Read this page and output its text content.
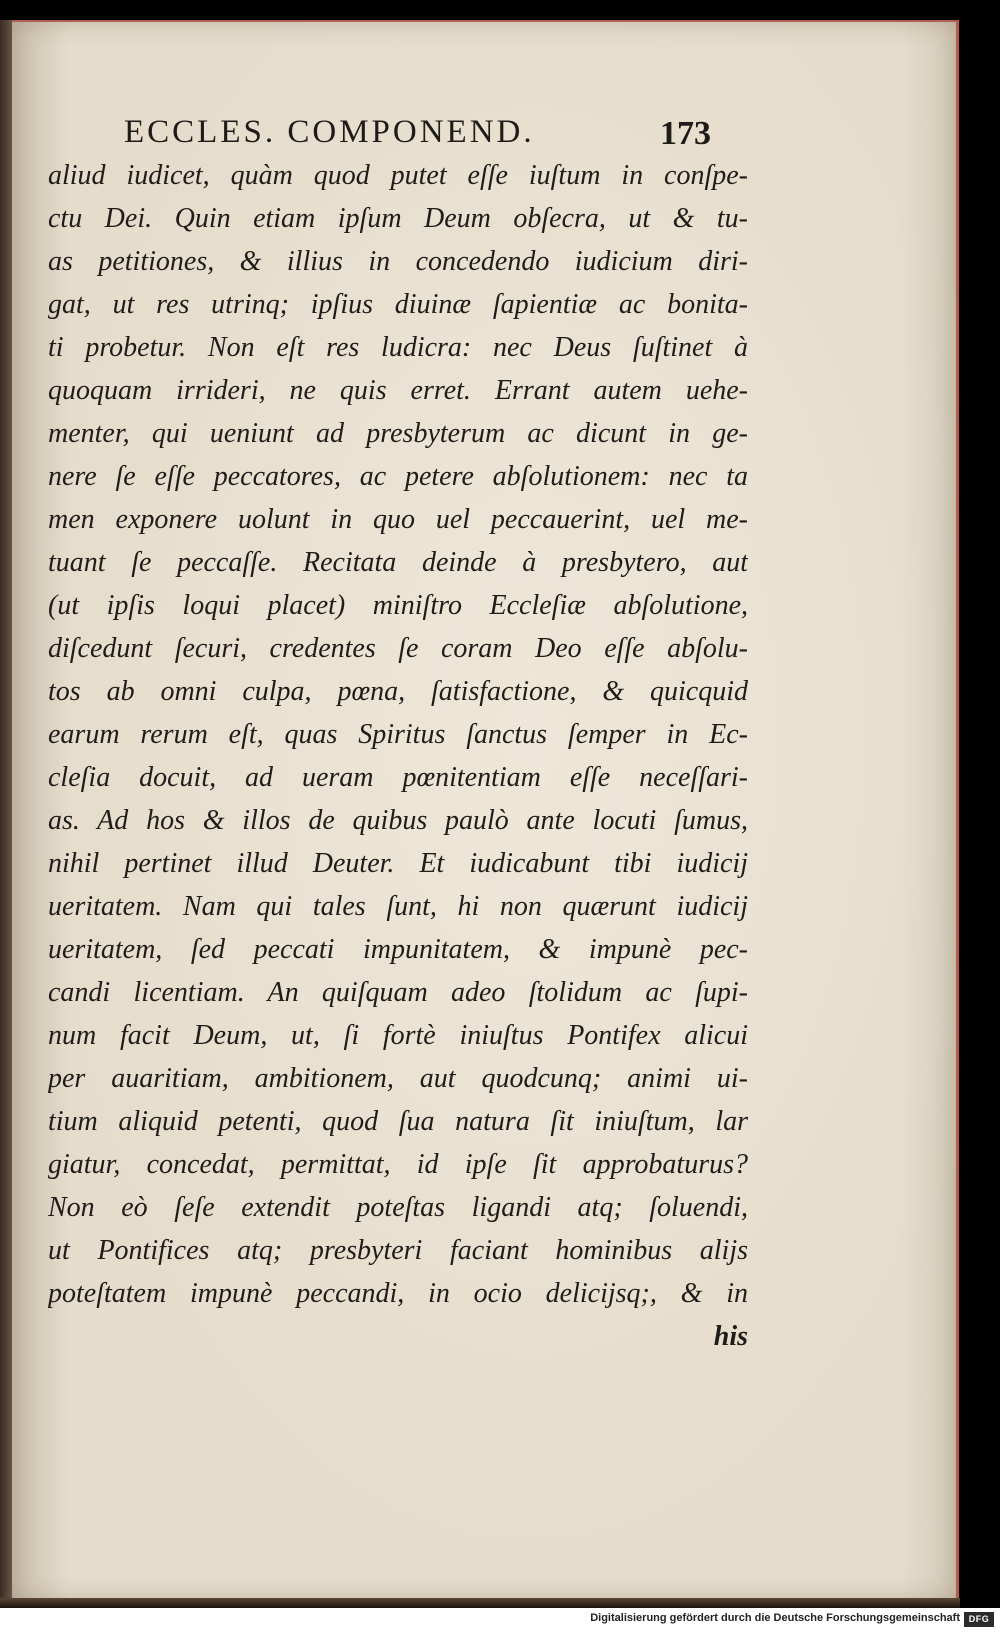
ECCLES. COMPONEND.	173
aliud iudicet, quàm quod putet eſſe iuſtum in conſpe-
ctu Dei. Quin etiam ipſum Deum obſecra, ut & tu-
as petitiones, & illius in concedendo iudicium diri-
gat, ut res utrinq; ipſius diuinæ ſapientiæ ac bonita-
ti probetur. Non eſt res ludicra: nec Deus ſuſtinet à
quoquam irrideri, ne quis erret. Errant autem uehe-
menter, qui ueniunt ad presbyterum ac dicunt in ge-
nere ſe eſſe peccatores, ac petere abſolutionem: nec ta
men exponere uolunt in quo uel peccauerint, uel me-
tuant ſe peccaſſe. Recitata deinde à presbytero, aut
(ut ipſis loqui placet) miniſtro Eccleſiæ abſolutione,
diſcedunt ſecuri, credentes ſe coram Deo eſſe abſolu-
tos ab omni culpa, pœna, ſatisfactione, & quicquid
earum rerum eſt, quas Spiritus ſanctus ſemper in Ec-
cleſia docuit, ad ueram pœnitentiam eſſe neceſſari-
as. Ad hos & illos de quibus paulò ante locuti ſumus,
nihil pertinet illud Deuter. Et iudicabunt tibi iudicij
ueritatem. Nam qui tales ſunt, hi non quærunt iudicij
ueritatem, ſed peccati impunitatem, & impunè pec-
candi licentiam. An quiſquam adeo ſtolidum ac ſupi-
num facit Deum, ut, ſi fortè iniuſtus Pontifex alicui
per auaritiam, ambitionem, aut quodcunq; animi ui-
tium aliquid petenti, quod ſua natura ſit iniuſtum, lar
giatur, concedat, permittat, id ipſe ſit approbaturus?
Non eò ſeſe extendit poteſtas ligandi atq; ſoluendi,
ut Pontifices atq; presbyteri faciant hominibus alijs
poteſtatem impunè peccandi, in ocio delicijsq;, & in
his
Digitalisierung gefördert durch die Deutsche Forschungsgemeinschaft DFG
